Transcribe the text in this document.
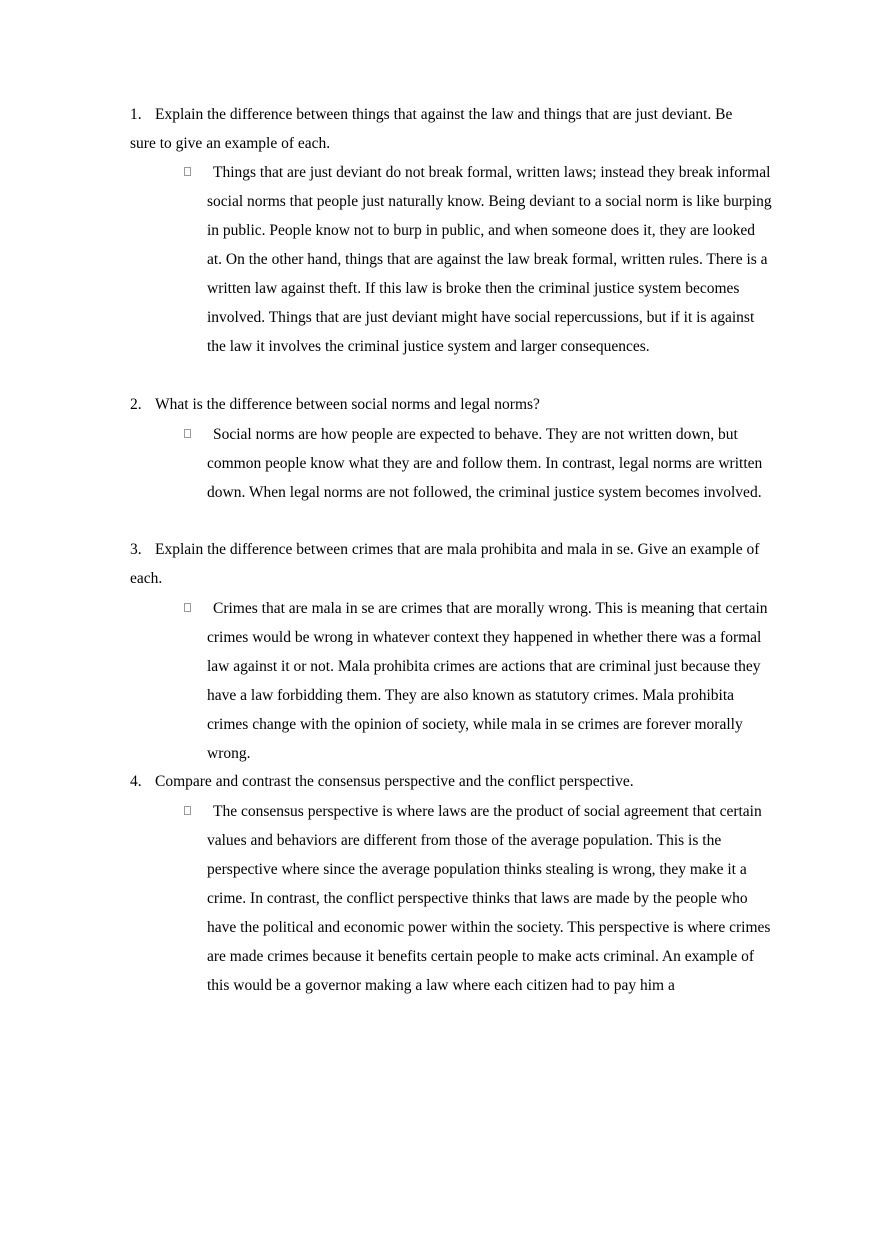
1. Explain the difference between things that against the law and things that are just deviant. Be sure to give an example of each.
Things that are just deviant do not break formal, written laws; instead they break informal social norms that people just naturally know. Being deviant to a social norm is like burping in public. People know not to burp in public, and when someone does it, they are looked at. On the other hand, things that are against the law break formal, written rules. There is a written law against theft. If this law is broke then the criminal justice system becomes involved. Things that are just deviant might have social repercussions, but if it is against the law it involves the criminal justice system and larger consequences.
2. What is the difference between social norms and legal norms?
Social norms are how people are expected to behave. They are not written down, but common people know what they are and follow them. In contrast, legal norms are written down. When legal norms are not followed, the criminal justice system becomes involved.
3. Explain the difference between crimes that are mala prohibita and mala in se. Give an example of each.
Crimes that are mala in se are crimes that are morally wrong. This is meaning that certain crimes would be wrong in whatever context they happened in whether there was a formal law against it or not. Mala prohibita crimes are actions that are criminal just because they have a law forbidding them. They are also known as statutory crimes. Mala prohibita crimes change with the opinion of society, while mala in se crimes are forever morally wrong.
4. Compare and contrast the consensus perspective and the conflict perspective.
The consensus perspective is where laws are the product of social agreement that certain values and behaviors are different from those of the average population. This is the perspective where since the average population thinks stealing is wrong, they make it a crime. In contrast, the conflict perspective thinks that laws are made by the people who have the political and economic power within the society. This perspective is where crimes are made crimes because it benefits certain people to make acts criminal. An example of this would be a governor making a law where each citizen had to pay him a
